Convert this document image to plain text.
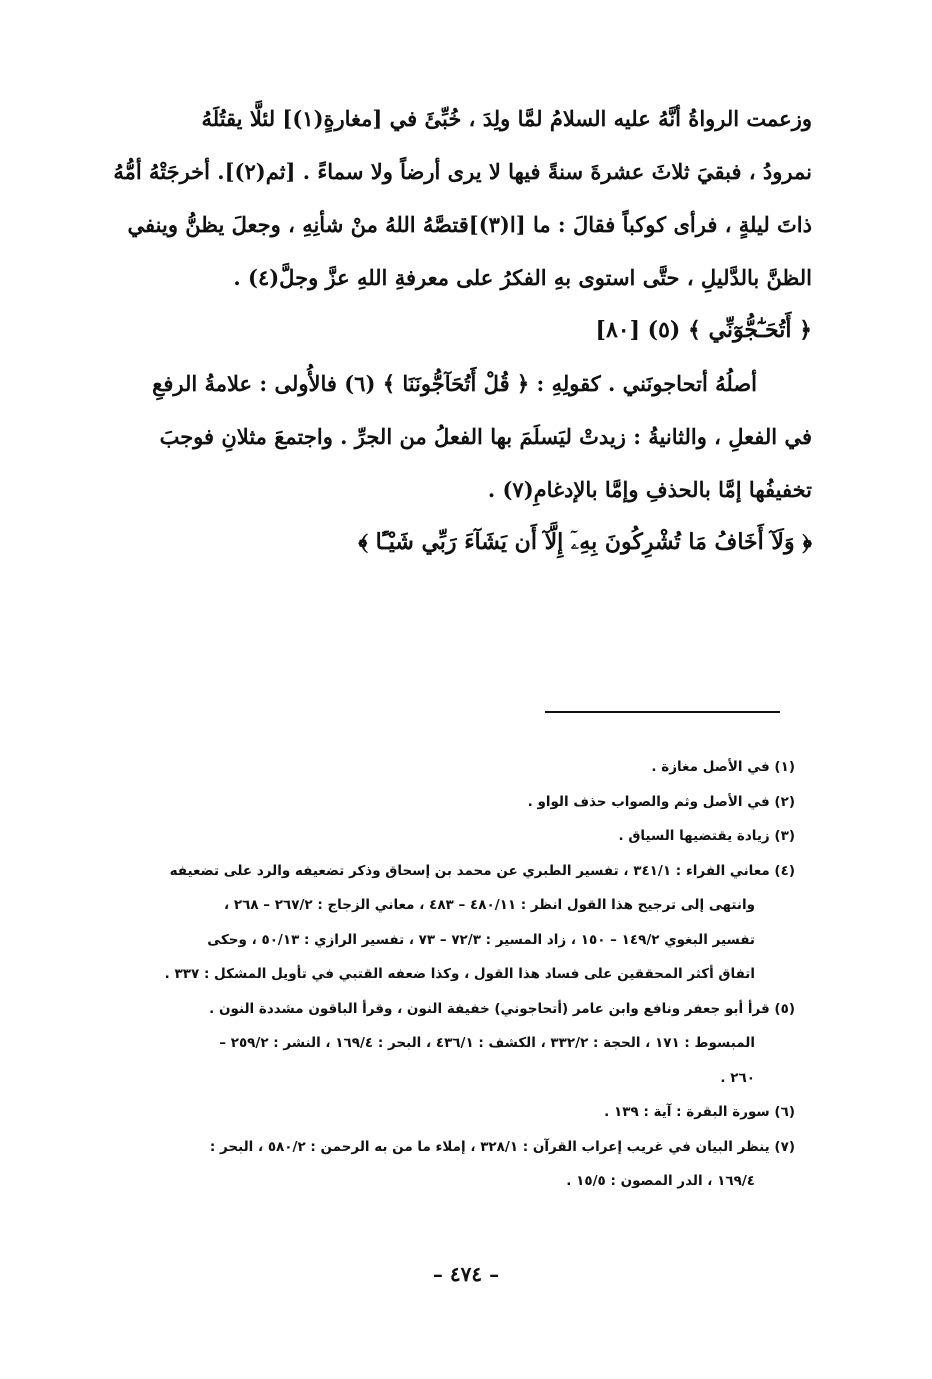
وزعمت الرواةُ أنَّهُ عليه السلامُ لمَّا ولِدَ ، خُبِّئَ في [مغارةٍ(١)] لئلَّا يقتُلَهُ
نمرودُ ، فبقيَ ثلاثَ عشرةَ سنةً فيها لا يرى أرضاً ولا سماءً . [ثم(٢)]. أخرجَتْهُ أمُّهُ
ذاتَ ليلةٍ ، فرأى كوكباً فقالَ : ما [ا(٣)]قتصَّهُ اللهُ منْ شأنِهِ ، وجعلَ يظنُّ وينفي
الظنَّ بالدَّليلِ ، حتَّى استوى بهِ الفكرُ على معرفةِ اللهِ عزَّ وجلَّ(٤) .
﴿ أَتُحَـٰٓجُّوٓنِّي ﴾ (٥) [٨٠]
أصلُهُ أتحاجونَني . كقولِهِ : ﴿ قُلْ أَتُحَآجُّونَنَا ﴾ (٦) فالأُولى : علامةُ الرفعِ
في الفعلِ ، والثانيةُ : زيدتْ ليَسلَمَ بها الفعلُ من الجرِّ . واجتمعَ مثلانِ فوجبَ
تخفيفُها إمَّا بالحذفِ وإمَّا بالإدغامِ(٧) .
﴿ وَلَآ أَخَافُ مَا تُشْرِكُونَ بِهِۦٓ إِلَّآ أَن يَشَآءَ رَبِّي شَيْـًٔا ﴾
(١) في الأصل مغازة .
(٢) في الأصل وثم والصواب حذف الواو .
(٣) زيادة يقتضيها السياق .
(٤) معاني الفراء : ٣٤١/١ ، تفسير الطبري عن محمد بن إسحاق وذكر تضعيفه والرد على تضعيفه
وانتهى إلى ترجيح هذا القول انظر : ٤٨٠/١١ – ٤٨٣ ، معاني الزجاج : ٢٦٧/٢ – ٢٦٨ ،
تفسير البغوي ١٤٩/٢ – ١٥٠ ، زاد المسير : ٧٢/٣ – ٧٣ ، تفسير الرازي : ٥٠/١٣ ، وحكى
اتفاق أكثر المحققين على فساد هذا القول ، وكذا ضعفه القتبي في تأويل المشكل : ٣٣٧ .
(٥) قرأ أبو جعفر ونافع وابن عامر (أتحاجوني) خفيفة النون ، وقرأ الباقون مشددة النون .
المبسوط : ١٧١ ، الحجة : ٣٣٢/٢ ، الكشف : ٤٣٦/١ ، البحر : ١٦٩/٤ ، النشر : ٢٥٩/٢ –
٢٦٠ .
(٦) سورة البقرة : آية : ١٣٩ .
(٧) ينظر البيان في غريب إعراب القرآن : ٣٢٨/١ ، إملاء ما من به الرحمن : ٥٨٠/٢ ، البحر :
١٦٩/٤ ، الدر المصون : ١٥/٥ .
– ٤٧٤ –
